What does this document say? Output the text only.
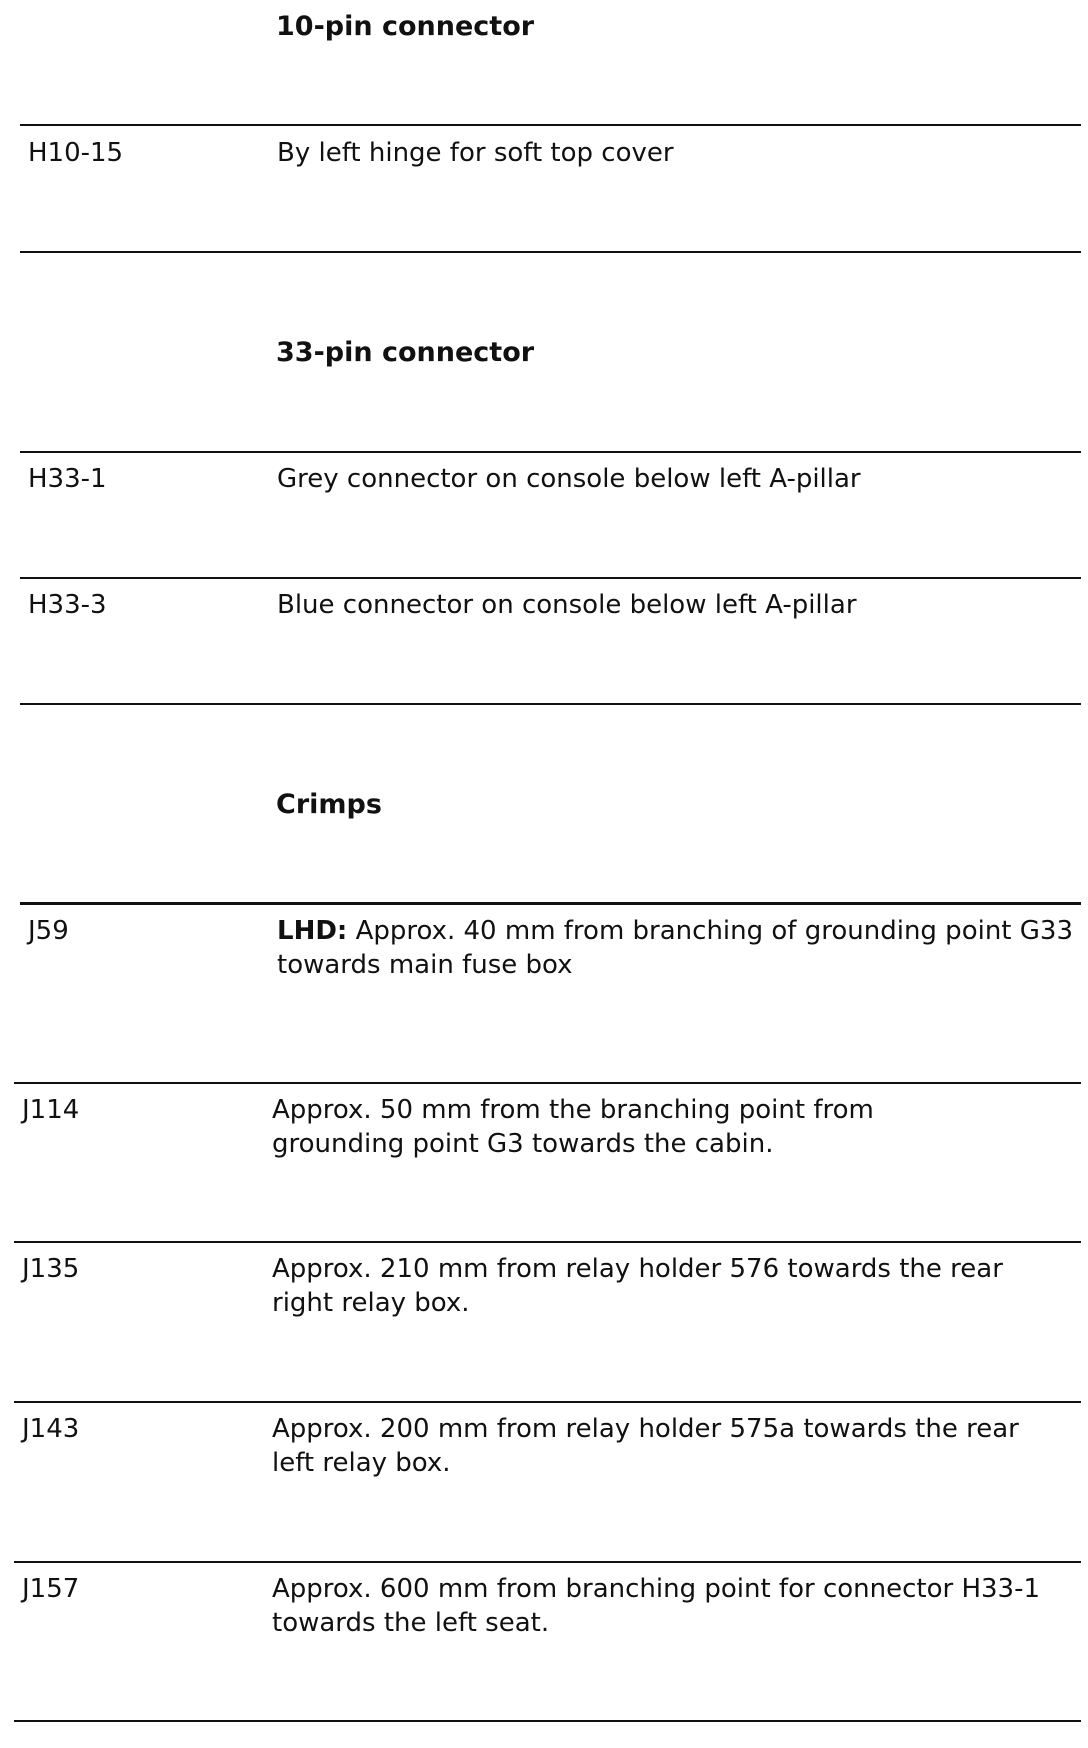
10-pin connector
H10-15	By left hinge for soft top cover
33-pin connector
H33-1	Grey connector on console below left A-pillar
H33-3	Blue connector on console below left A-pillar
Crimps
J59	LHD: Approx. 40 mm from branching of grounding point G33 towards main fuse box
J114	Approx. 50 mm from the branching point from grounding point G3 towards the cabin.
J135	Approx. 210 mm from relay holder 576 towards the rear right relay box.
J143	Approx. 200 mm from relay holder 575a towards the rear left relay box.
J157	Approx. 600 mm from branching point for connector H33-1 towards the left seat.
